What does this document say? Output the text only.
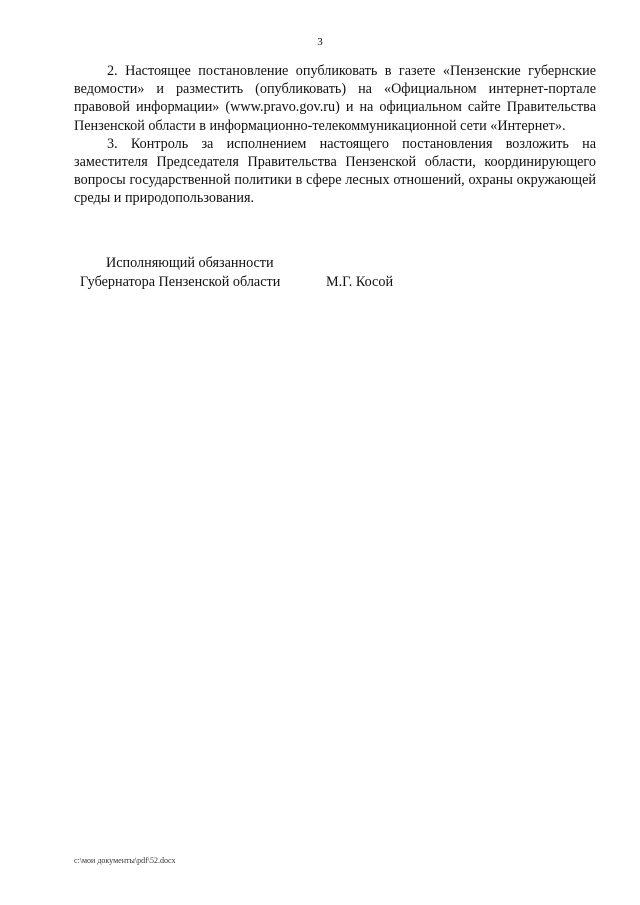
3

2. Настоящее постановление опубликовать в газете «Пензенские губернские ведомости» и разместить (опубликовать) на «Официальном интернет-портале правовой информации» (www.pravo.gov.ru) и на официальном сайте Правительства Пензенской области в информационно-телекоммуникационной сети «Интернет».

3. Контроль за исполнением настоящего постановления возложить на заместителя Председателя Правительства Пензенской области, координирующего вопросы государственной политики в сфере лесных отношений, охраны окружающей среды и природопользования.

Исполняющий обязанности
Губернатора Пензенской области	М.Г. Косой
c:\мои документы\pdf\52.docx
